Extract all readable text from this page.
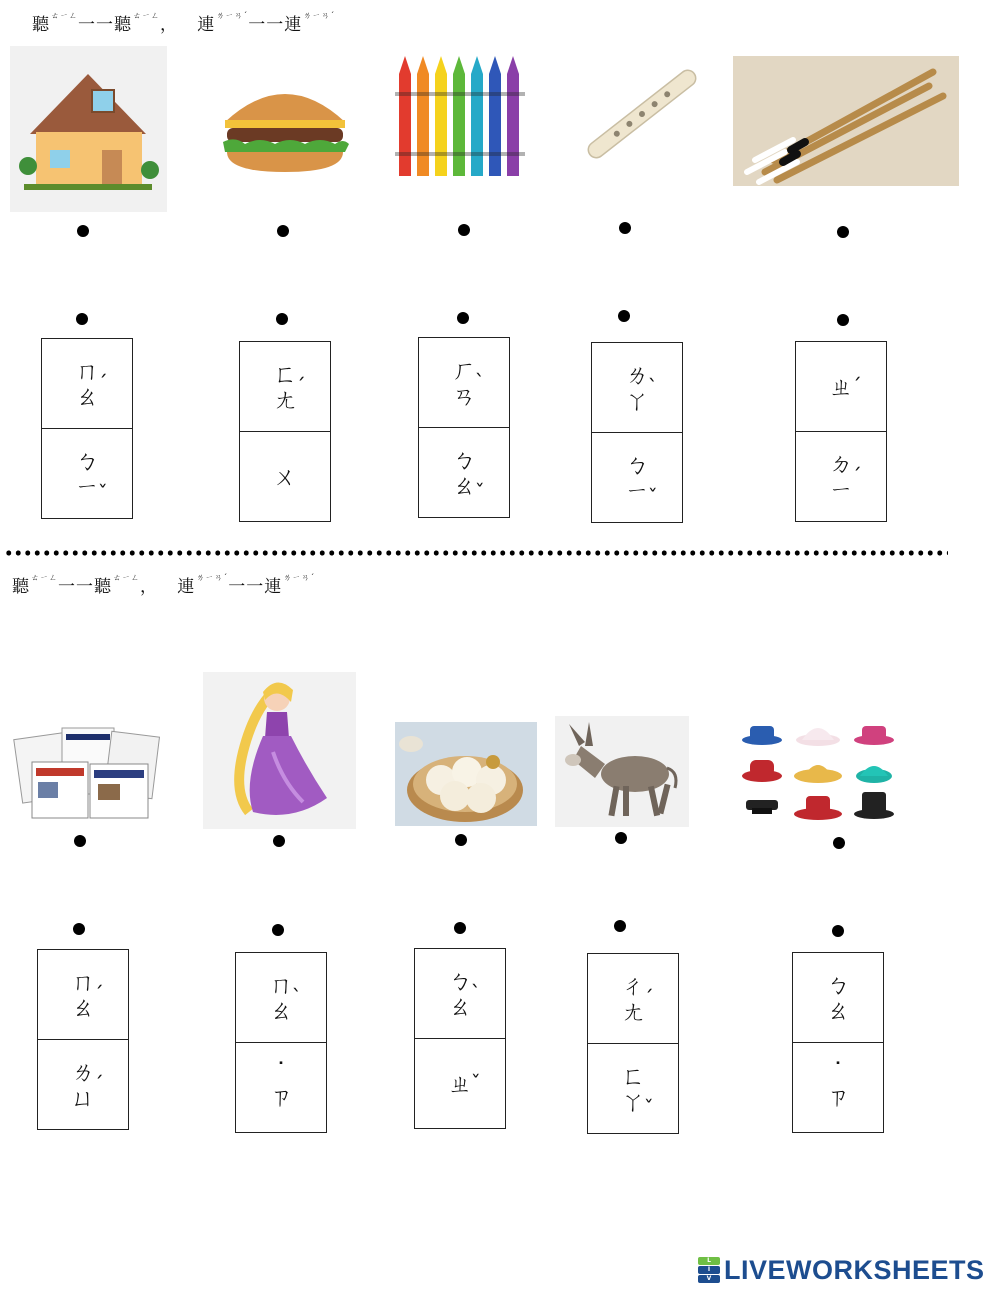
聽$^{ㄊㄧㄥ}$一一聽$^{ㄊㄧㄥ}$， 連$^{ㄌㄧㄢˊ}$一一連$^{ㄌㄧㄢˊ}$
ㄇ
ㄠ
ˊ
ㄅ
ㄧ
ˇ
ㄈ
ㄤ
ˊ
ㄨ
ㄏ
ㄢ
ˋ
ㄅ
ㄠ
ˇ
ㄌ
ㄚ
ˋ
ㄅ
ㄧ
ˇ
ㄓ
ˊ
ㄉ
ㄧ
ˊ
聽$^{ㄊㄧㄥ}$一一聽$^{ㄊㄧㄥ}$， 連$^{ㄌㄧㄢˊ}$一一連$^{ㄌㄧㄢˊ}$
ㄇ
ㄠ
ˊ
ㄌ
ㄩ
ˊ
ㄇ
ㄠ
ˋ
˙
ㄗ
ㄅ
ㄠ
ˋ
ㄓ
ˇ
ㄔ
ㄤ
ˊ
ㄈ
ㄚ
ˇ
ㄅ
ㄠ
˙
ㄗ
L
I
V LIVEWORKSHEETS
